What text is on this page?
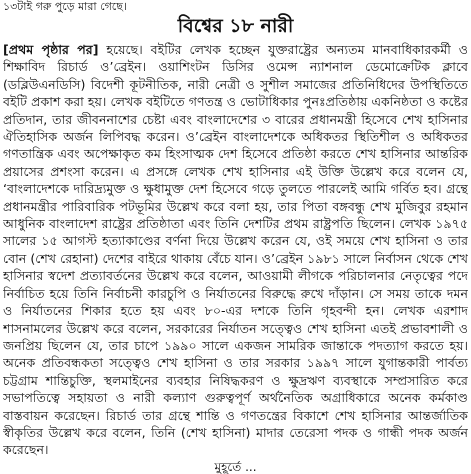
১৩টাই গরু পুড়ে মারা গেছে।
বিশ্বের ১৮ নারী
[প্রথম পৃষ্ঠার পর] হয়েছে। বইটির লেখক হচ্ছেন যুক্তরাষ্ট্রের অন্যতম মানবাধিকারকর্মী ও শিক্ষাবিদ রিচার্ড ও’ব্রেইন। ওয়াশিংটন ডিসির ওমেন্স ন্যাশনাল ডেমোক্রেটিক ক্লাবে (ডব্লিউএনডিসি) বিদেশী কূটনীতিক, নারী নেত্রী ও সুশীল সমাজের প্রতিনিধিদের উপস্থিতিতে বইটি প্রকাশ করা হয়। লেখক বইটিতে গণতন্ত্র ও ভোটাধিকার পুনঃপ্রতিষ্ঠায় একনিষ্ঠতা ও কষ্টের প্রতিদান, তার জীবননাশের চেষ্টা এবং বাংলাদেশের ৩ বারের প্রধানমন্ত্রী হিসেবে শেখ হাসিনার ঐতিহাসিক অর্জন লিপিবদ্ধ করেন। ও’ব্রেইন বাংলাদেশকে অধিকতর স্থিতিশীল ও অধিকতর গণতান্ত্রিক এবং অপেক্ষাকৃত কম হিংসাত্মক দেশ হিসেবে প্রতিষ্ঠা করতে শেখ হাসিনার আন্তরিক প্রয়াসের প্রশংসা করেন। এ প্রসঙ্গে লেখক শেখ হাসিনার এই উক্তি উল্লেখ করে বলেন যে, ‘বাংলাদেশকে দারিদ্র্যমুক্ত ও ক্ষুধামুক্ত দেশ হিসেবে গড়ে তুলতে পারলেই আমি গর্বিত হব। গ্রন্থে প্রধানমন্ত্রীর পারিবারিক পটভূমির উল্লেখ করে বলা হয়, তার পিতা বঙ্গবন্ধু শেখ মুজিবুর রহমান আধুনিক বাংলাদেশ রাষ্ট্রের প্রতিষ্ঠাতা এবং তিনি দেশটির প্রথম রাষ্ট্রপতি ছিলেন। লেখক ১৯৭৫ সালের ১৫ আগস্ট হত্যাকাণ্ডের বর্ণনা দিয়ে উল্লেখ করেন যে, ওই সময়ে শেখ হাসিনা ও তার বোন (শেখ রেহানা) দেশের বাইরে থাকায় বেঁচে যান। ও’ব্রেইন ১৯৮১ সালে নির্বাসন থেকে শেখ হাসিনার স্বদেশ প্রত্যাবর্তনের উল্লেখ করে বলেন, আওয়ামী লীগকে পরিচালনার নেতৃত্বের পদে নির্বাচিত হয়ে তিনি নির্বাচনী কারচুপি ও নির্যাতনের বিরুদ্ধে রুখে দাঁড়ান। সে সময় তাকে দমন ও নির্যাতনের শিকার হতে হয় এবং ৮০-এর দশকে তিনি গৃহবন্দী হন। লেখক এরশাদ শাসনামলের উল্লেখ করে বলেন, সরকারের নির্যাতন সত্ত্বেও শেখ হাসিনা এতই প্রভাবশালী ও জনপ্রিয় ছিলেন যে, তার চাপে ১৯৯০ সালে একজন সামরিক জান্তাকে পদত্যাগ করতে হয়। অনেক প্রতিবন্ধকতা সত্ত্বেও শেখ হাসিনা ও তার সরকার ১৯৯৭ সালে যুগান্তকারী পার্বত্য চট্টগ্রাম শান্তিচুক্তি, স্থলমাইনের ব্যবহার নিষিদ্ধকরণ ও ক্ষুদ্রঋণ ব্যবস্থাকে সম্প্রসারিত করে সভাপতিত্বে সহায়তা ও নারী কল্যাণ গুরুত্বপূর্ণ অর্থনৈতিক অগ্রাধিকারে অনেক কর্মকাণ্ড বাস্তবায়ন করেছেন। রিচার্ড তার গ্রন্থে শান্তি ও গণতন্ত্রের বিকাশে শেখ হাসিনার আন্তর্জাতিক স্বীকৃতির উল্লেখ করে বলেন, তিনি (শেখ হাসিনা) মাদার তেরেসা পদক ও গান্ধী পদক অর্জন করেছেন।
মুহূর্তে ...
